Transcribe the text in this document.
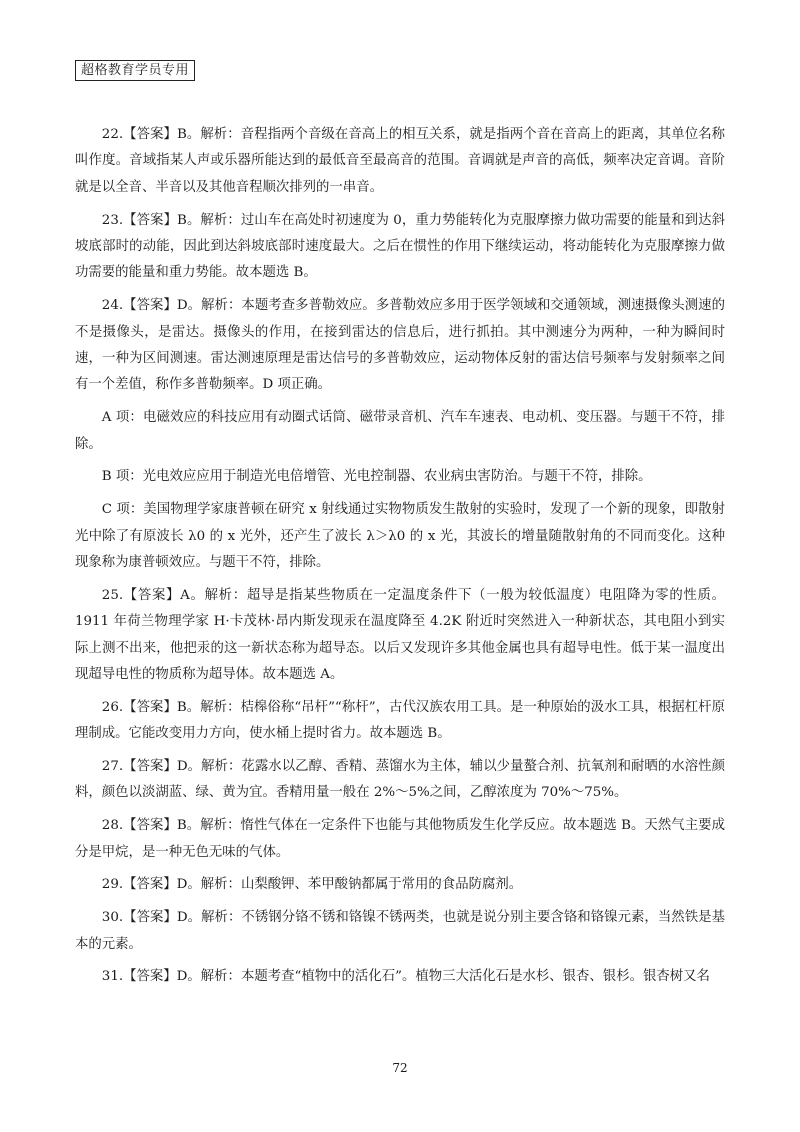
超格教育学员专用

22.【答案】B。解析：音程指两个音级在音高上的相互关系，就是指两个音在音高上的距离，其单位名称叫作度。音域指某人声或乐器所能达到的最低音至最高音的范围。音调就是声音的高低，频率决定音调。音阶就是以全音、半音以及其他音程顺次排列的一串音。

23.【答案】B。解析：过山车在高处时初速度为 0，重力势能转化为克服摩擦力做功需要的能量和到达斜坡底部时的动能，因此到达斜坡底部时速度最大。之后在惯性的作用下继续运动，将动能转化为克服摩擦力做功需要的能量和重力势能。故本题选 B。

24.【答案】D。解析：本题考查多普勒效应。多普勒效应多用于医学领域和交通领域，测速摄像头测速的不是摄像头，是雷达。摄像头的作用，在接到雷达的信息后，进行抓拍。其中测速分为两种，一种为瞬间时速，一种为区间测速。雷达测速原理是雷达信号的多普勒效应，运动物体反射的雷达信号频率与发射频率之间有一个差值，称作多普勒频率。D 项正确。

A 项：电磁效应的科技应用有动圈式话筒、磁带录音机、汽车车速表、电动机、变压器。与题干不符，排除。

B 项：光电效应应用于制造光电倍增管、光电控制器、农业病虫害防治。与题干不符，排除。

C 项：美国物理学家康普顿在研究 x 射线通过实物物质发生散射的实验时，发现了一个新的现象，即散射光中除了有原波长 λ0 的 x 光外，还产生了波长 λ＞λ0 的 x 光，其波长的增量随散射角的不同而变化。这种现象称为康普顿效应。与题干不符，排除。

25.【答案】A。解析：超导是指某些物质在一定温度条件下（一般为较低温度）电阻降为零的性质。1911 年荷兰物理学家 H·卡茂林·昂内斯发现汞在温度降至 4.2K 附近时突然进入一种新状态，其电阻小到实际上测不出来，他把汞的这一新状态称为超导态。以后又发现许多其他金属也具有超导电性。低于某一温度出现超导电性的物质称为超导体。故本题选 A。

26.【答案】B。解析：桔槔俗称“吊杆”“称杆”，古代汉族农用工具。是一种原始的汲水工具，根据杠杆原理制成。它能改变用力方向，使水桶上提时省力。故本题选 B。

27.【答案】D。解析：花露水以乙醇、香精、蒸馏水为主体，辅以少量螯合剂、抗氧剂和耐晒的水溶性颜料，颜色以淡湖蓝、绿、黄为宜。香精用量一般在 2%～5%之间，乙醇浓度为 70%～75%。

28.【答案】B。解析：惰性气体在一定条件下也能与其他物质发生化学反应。故本题选 B。天然气主要成分是甲烷，是一种无色无味的气体。

29.【答案】D。解析：山梨酸钾、苯甲酸钠都属于常用的食品防腐剂。

30.【答案】D。解析：不锈钢分铬不锈和铬镍不锈两类，也就是说分别主要含铬和铬镍元素，当然铁是基本的元素。

31.【答案】D。解析：本题考查“植物中的活化石”。植物三大活化石是水杉、银杏、银杉。银杏树又名

72
